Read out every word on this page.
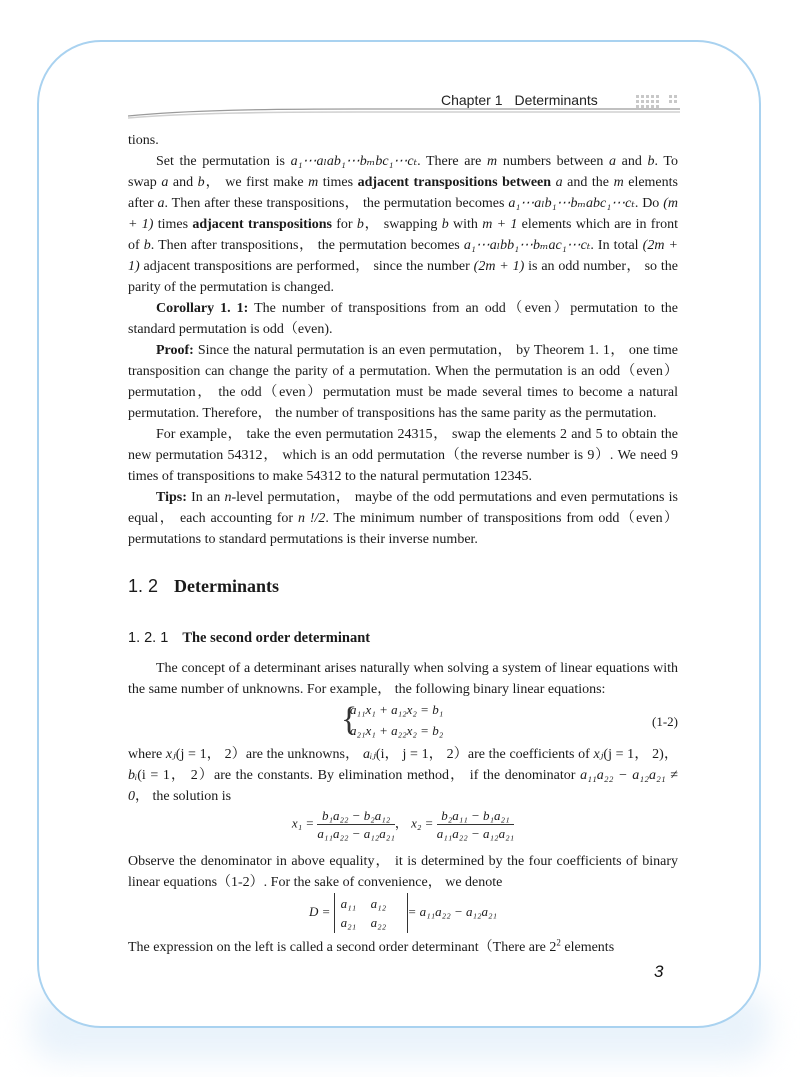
Chapter 1 Determinants

tions.

Set the permutation is a₁⋯aₗab₁⋯bₘbc₁⋯cₜ. There are m numbers between a and b. To swap a and b， we first make m times adjacent transpositions between a and the m elements after a. Then after these transpositions， the permutation becomes a₁⋯aₗb₁⋯bₘabc₁⋯cₜ. Do (m + 1) times adjacent transpositions for b， swapping b with m + 1 elements which are in front of b. Then after transpositions， the permutation becomes a₁⋯aₗbb₁⋯bₘac₁⋯cₜ. In total (2m + 1) adjacent transpositions are performed， since the number (2m + 1) is an odd number， so the parity of the permutation is changed.

Corollary 1. 1: The number of transpositions from an odd（even）permutation to the standard permutation is odd（even).

Proof: Since the natural permutation is an even permutation， by Theorem 1. 1， one time transposition can change the parity of a permutation. When the permutation is an odd（even）permutation， the odd（even）permutation must be made several times to become a natural permutation. Therefore， the number of transpositions has the same parity as the permutation.

For example， take the even permutation 24315， swap the elements 2 and 5 to obtain the new permutation 54312， which is an odd permutation（the reverse number is 9）. We need 9 times of transpositions to make 54312 to the natural permutation 12345.

Tips: In an n-level permutation， maybe of the odd permutations and even permutations is equal， each accounting for n !/2. The minimum number of transpositions from odd（even）permutations to standard permutations is their inverse number.

1. 2 Determinants
1. 2. 1 The second order determinant

The concept of a determinant arises naturally when solving a system of linear equations with the same number of unknowns. For example， the following binary linear equations:

{
a₁₁x₁ + a₁₂x₂ = b₁
a₂₁x₁ + a₂₂x₂ = b₂
(1-2)

where xⱼ(j = 1， 2）are the unknowns， aᵢⱼ(i， j = 1， 2）are the coefficients of xⱼ(j = 1， 2)， bᵢ(i = 1， 2）are the constants. By elimination method， if the denominator a₁₁a₂₂ − a₁₂a₂₁ ≠ 0， the solution is

$x_1 = \frac{\text{b₁a₂₂ − b₂a₁₂}}{\text{a₁₁a₂₂ − a₁₂a₂₁}}$ ， $x_2 = \frac{\text{b₂a₁₁ − b₁a₂₁}}{\text{a₁₁a₂₂ − a₁₂a₂₁}}$

Observe the denominator in above equality， it is determined by the four coefficients of binary linear equations（1-2）. For the sake of convenience， we denote

D = a₁₁ a₁₂
a₂₁ a₂₂= a₁₁a₂₂ − a₁₂a₂₁

The expression on the left is called a second order determinant（There are $2^2$ elements

3
